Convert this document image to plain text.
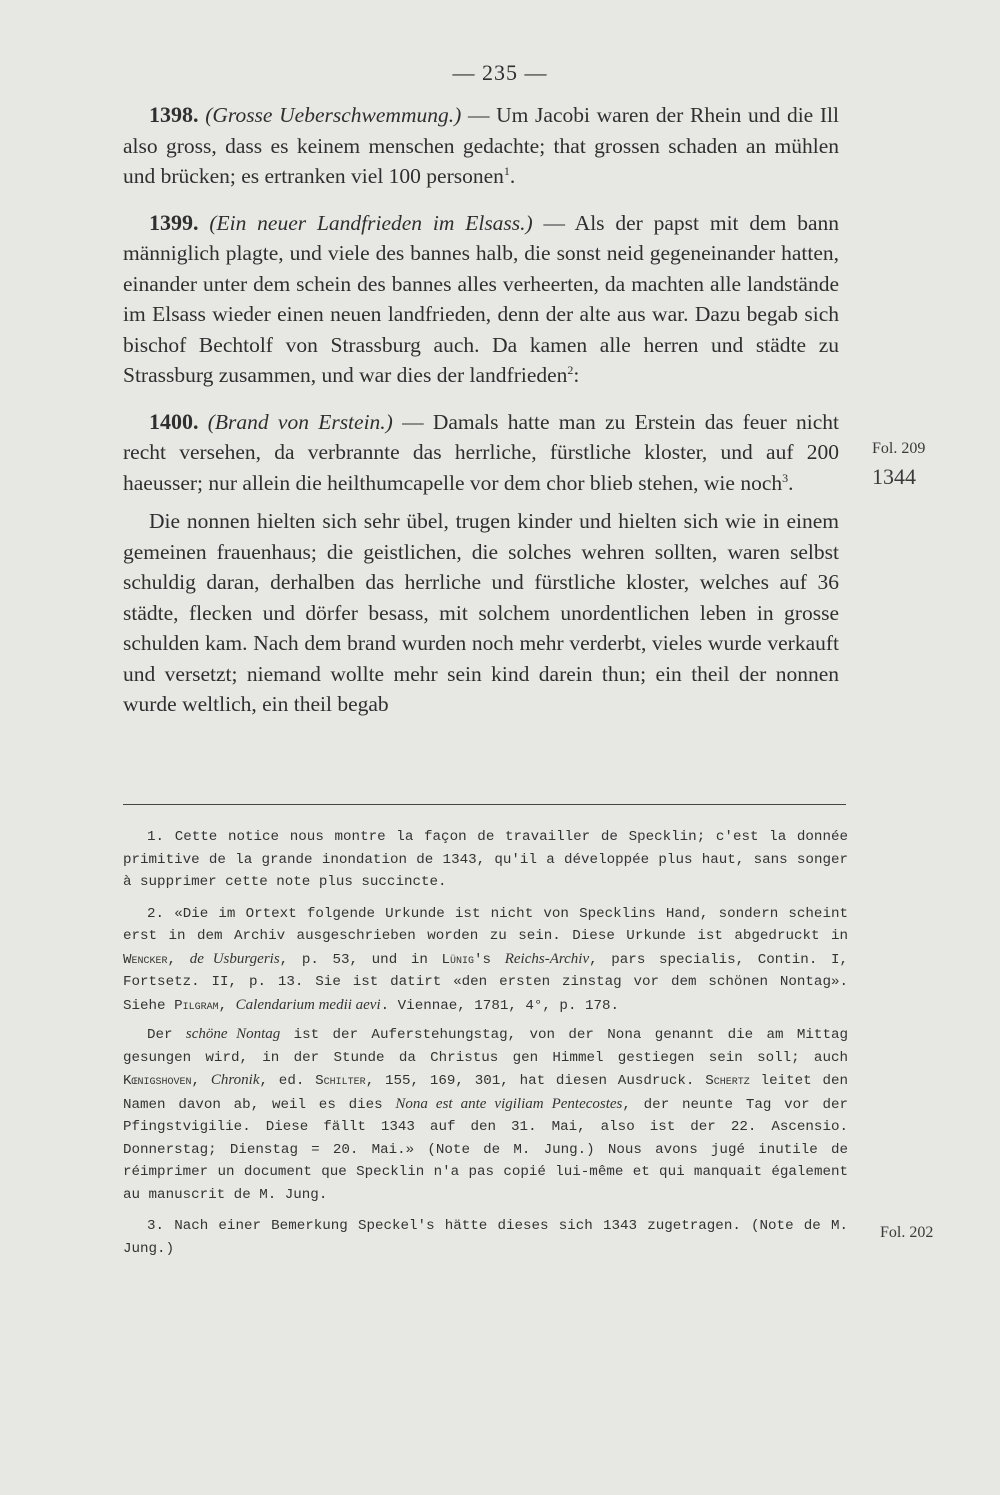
— 235 —

1398. (Grosse Ueberschwemmung.) — Um Jacobi waren der Rhein und die Ill also gross, dass es keinem menschen gedachte; that grossen schaden an mühlen und brücken; es ertranken viel 100 personen$^1$.

1399. (Ein neuer Landfrieden im Elsass.) — Als der papst mit dem bann männiglich plagte, und viele des bannes halb, die sonst neid gegeneinander hatten, einander unter dem schein des bannes alles verheerten, da machten alle landstände im Elsass wieder einen neuen landfrieden, denn der alte aus war. Dazu begab sich bischof Bechtolf von Strassburg auch. Da kamen alle herren und städte zu Strassburg zusammen, und war dies der landfrieden$^2$:

1400. (Brand von Erstein.) — Damals hatte man zu Erstein das feuer nicht recht versehen, da verbrannte das herrliche, fürstliche kloster, und auf 200 haeusser; nur allein die heilthumcapelle vor dem chor blieb stehen, wie noch$^3$.

Die nonnen hielten sich sehr übel, trugen kinder und hielten sich wie in einem gemeinen frauenhaus; die geistlichen, die solches wehren sollten, waren selbst schuldig daran, derhalben das herrliche und fürstliche kloster, welches auf 36 städte, flecken und dörfer besass, mit solchem unordentlichen leben in grosse schulden kam. Nach dem brand wurden noch mehr verderbt, vieles wurde verkauft und versetzt; niemand wollte mehr sein kind darein thun; ein theil der nonnen wurde weltlich, ein theil begab

Fol. 209
1344
Fol. 202

1. Cette notice nous montre la façon de travailler de Specklin; c'est la donnée primitive de la grande inondation de 1343, qu'il a développée plus haut, sans songer à supprimer cette note plus succincte.

2. «Die im Ortext folgende Urkunde ist nicht von Specklins Hand, sondern scheint erst in dem Archiv ausgeschrieben worden zu sein. Diese Urkunde ist abgedruckt in Wencker, de Usburgeris, p. 53, und in Lünig's Reichs-Archiv, pars specialis, Contin. I, Fortsetz. II, p. 13. Sie ist datirt «den ersten zinstag vor dem schönen Nontag». Siehe Pilgram, Calendarium medii aevi. Viennae, 1781, 4°, p. 178.

Der schöne Nontag ist der Auferstehungstag, von der Nona genannt die am Mittag gesungen wird, in der Stunde da Christus gen Himmel gestiegen sein soll; auch Kœnigshoven, Chronik, ed. Schilter, 155, 169, 301, hat diesen Ausdruck. Schertz leitet den Namen davon ab, weil es dies Nona est ante vigiliam Pentecostes, der neunte Tag vor der Pfingstvigilie. Diese fällt 1343 auf den 31. Mai, also ist der 22. Ascensio. Donnerstag; Dienstag = 20. Mai.» (Note de M. Jung.) Nous avons jugé inutile de réimprimer un document que Specklin n'a pas copié lui-même et qui manquait également au manuscrit de M. Jung.

3. Nach einer Bemerkung Speckel's hätte dieses sich 1343 zugetragen. (Note de M. Jung.)
